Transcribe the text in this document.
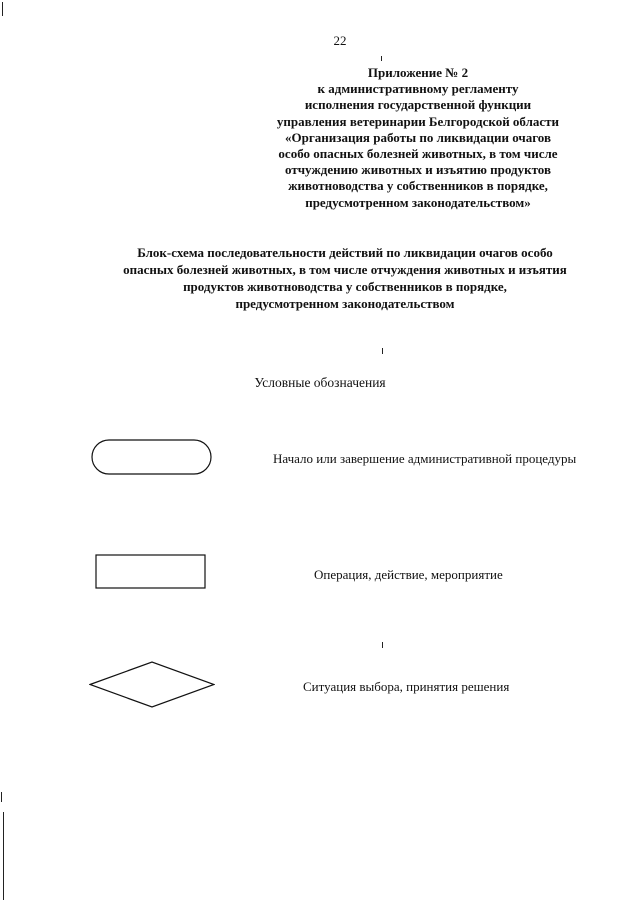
22
Приложение № 2
к административному регламенту
исполнения государственной функции
управления ветеринарии Белгородской области
«Организация работы по ликвидации очагов
особо опасных болезней животных, в том числе
отчуждению животных и изъятию продуктов
животноводства у собственников в порядке,
предусмотренном законодательством»
Блок-схема последовательности действий по ликвидации очагов особо
опасных болезней животных, в том числе отчуждения животных и изъятия
продуктов животноводства у собственников в порядке,
предусмотренном законодательством
Условные обозначения
Начало или завершение административной процедуры
Операция, действие, мероприятие
Ситуация выбора, принятия решения
